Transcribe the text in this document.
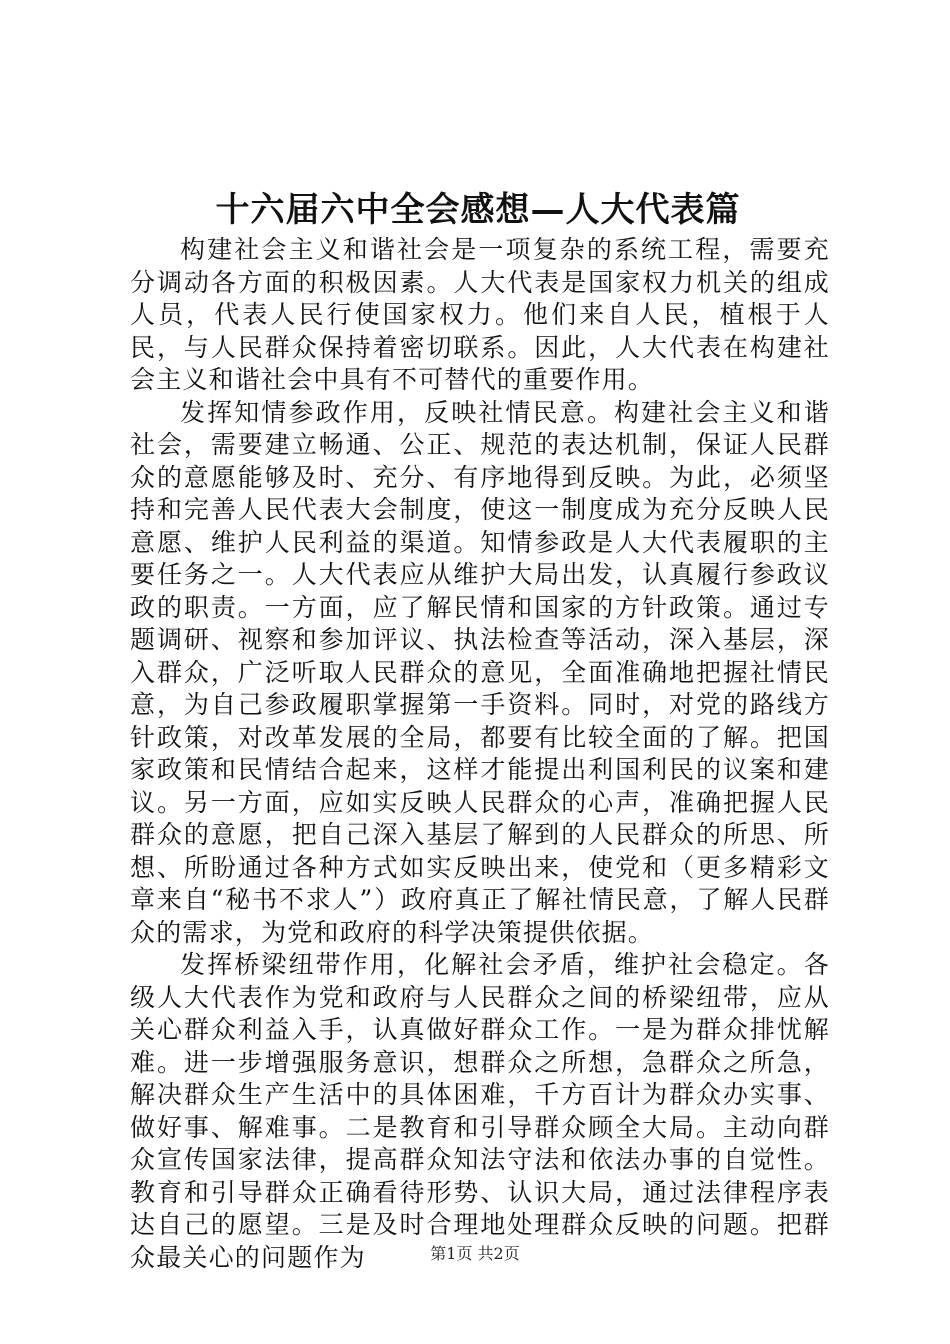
十六届六中全会感想—人大代表篇

构建社会主义和谐社会是一项复杂的系统工程，需要充分调动各方面的积极因素。人大代表是国家权力机关的组成人员，代表人民行使国家权力。他们来自人民，植根于人民，与人民群众保持着密切联系。因此，人大代表在构建社会主义和谐社会中具有不可替代的重要作用。

发挥知情参政作用，反映社情民意。构建社会主义和谐社会，需要建立畅通、公正、规范的表达机制，保证人民群众的意愿能够及时、充分、有序地得到反映。为此，必须坚持和完善人民代表大会制度，使这一制度成为充分反映人民意愿、维护人民利益的渠道。知情参政是人大代表履职的主要任务之一。人大代表应从维护大局出发，认真履行参政议政的职责。一方面，应了解民情和国家的方针政策。通过专题调研、视察和参加评议、执法检查等活动，深入基层，深入群众，广泛听取人民群众的意见，全面准确地把握社情民意，为自己参政履职掌握第一手资料。同时，对党的路线方针政策，对改革发展的全局，都要有比较全面的了解。把国家政策和民情结合起来，这样才能提出利国利民的议案和建议。另一方面，应如实反映人民群众的心声，准确把握人民群众的意愿，把自己深入基层了解到的人民群众的所思、所想、所盼通过各种方式如实反映出来，使党和（更多精彩文章来自“秘书不求人”）政府真正了解社情民意，了解人民群众的需求，为党和政府的科学决策提供依据。

发挥桥梁纽带作用，化解社会矛盾，维护社会稳定。各级人大代表作为党和政府与人民群众之间的桥梁纽带，应从关心群众利益入手，认真做好群众工作。一是为群众排忧解难。进一步增强服务意识，想群众之所想，急群众之所急，解决群众生产生活中的具体困难，千方百计为群众办实事、做好事、解难事。二是教育和引导群众顾全大局。主动向群众宣传国家法律，提高群众知法守法和依法办事的自觉性。教育和引导群众正确看待形势、认识大局，通过法律程序表达自己的愿望。三是及时合理地处理群众反映的问题。把群众最关心的问题作为	第1页 共2页
